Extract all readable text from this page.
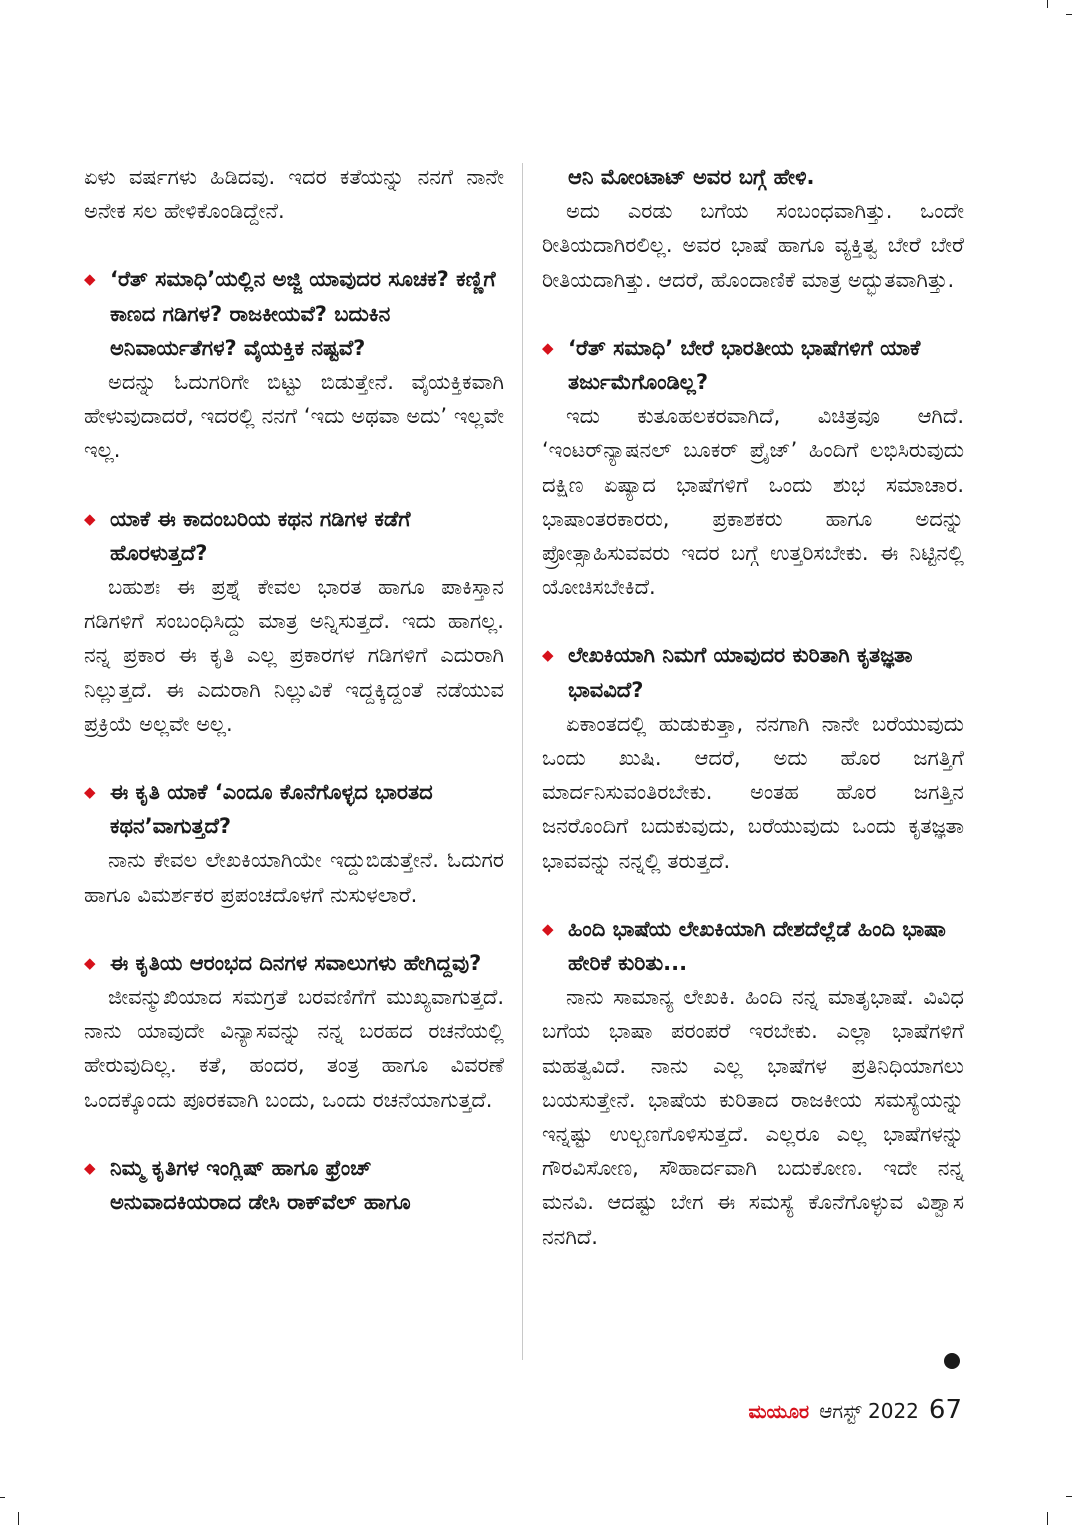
ಏಳು ವರ್ಷಗಳು ಹಿಡಿದವು. ಇದರ ಕತೆಯನ್ನು ನನಗೆ ನಾನೇ ಅನೇಕ ಸಲ ಹೇಳಿಕೊಂಡಿದ್ದೇನೆ.

◆ ‘ರೆತ್ ಸಮಾಧಿ’ಯಲ್ಲಿನ ಅಜ್ಜಿ ಯಾವುದರ ಸೂಚಕ? ಕಣ್ಣಿಗೆ ಕಾಣದ ಗಡಿಗಳ? ರಾಜಕೀಯವೆ? ಬದುಕಿನ ಅನಿವಾರ್ಯತೆಗಳ? ವೈಯಕ್ತಿಕ ನಷ್ಟವೆ?

ಅದನ್ನು ಓದುಗರಿಗೇ ಬಿಟ್ಟು ಬಿಡುತ್ತೇನೆ. ವೈಯಕ್ತಿಕವಾಗಿ ಹೇಳುವುದಾದರೆ, ಇದರಲ್ಲಿ ನನಗೆ ‘ಇದು ಅಥವಾ ಅದು’ ಇಲ್ಲವೇ ಇಲ್ಲ.

◆ ಯಾಕೆ ಈ ಕಾದಂಬರಿಯ ಕಥನ ಗಡಿಗಳ ಕಡೆಗೆ ಹೊರಳುತ್ತದೆ?

ಬಹುಶಃ ಈ ಪ್ರಶ್ನೆ ಕೇವಲ ಭಾರತ ಹಾಗೂ ಪಾಕಿಸ್ತಾನ ಗಡಿಗಳಿಗೆ ಸಂಬಂಧಿಸಿದ್ದು ಮಾತ್ರ ಅನ್ನಿಸುತ್ತದೆ. ಇದು ಹಾಗಲ್ಲ. ನನ್ನ ಪ್ರಕಾರ ಈ ಕೃತಿ ಎಲ್ಲ ಪ್ರಕಾರಗಳ ಗಡಿಗಳಿಗೆ ಎದುರಾಗಿ ನಿಲ್ಲುತ್ತದೆ. ಈ ಎದುರಾಗಿ ನಿಲ್ಲುವಿಕೆ ಇದ್ದಕ್ಕಿದ್ದಂತೆ ನಡೆಯುವ ಪ್ರಕ್ರಿಯೆ ಅಲ್ಲವೇ ಅಲ್ಲ.

◆ ಈ ಕೃತಿ ಯಾಕೆ ‘ಎಂದೂ ಕೊನೆಗೊಳ್ಳದ ಭಾರತದ ಕಥನ’ವಾಗುತ್ತದೆ?

ನಾನು ಕೇವಲ ಲೇಖಕಿಯಾಗಿಯೇ ಇದ್ದುಬಿಡುತ್ತೇನೆ. ಓದುಗರ ಹಾಗೂ ವಿಮರ್ಶಕರ ಪ್ರಪಂಚದೊಳಗೆ ನುಸುಳಲಾರೆ.

◆ ಈ ಕೃತಿಯ ಆರಂಭದ ದಿನಗಳ ಸವಾಲುಗಳು ಹೇಗಿದ್ದವು?

ಜೀವನ್ಮುಖಿಯಾದ ಸಮಗ್ರತೆ ಬರವಣಿಗೆಗೆ ಮುಖ್ಯವಾಗುತ್ತದೆ. ನಾನು ಯಾವುದೇ ವಿನ್ಯಾಸವನ್ನು ನನ್ನ ಬರಹದ ರಚನೆಯಲ್ಲಿ ಹೇರುವುದಿಲ್ಲ. ಕತೆ, ಹಂದರ, ತಂತ್ರ ಹಾಗೂ ವಿವರಣೆ ಒಂದಕ್ಕೊಂದು ಪೂರಕವಾಗಿ ಬಂದು, ಒಂದು ರಚನೆಯಾಗುತ್ತದೆ.

◆ ನಿಮ್ಮ ಕೃತಿಗಳ ಇಂಗ್ಲಿಷ್ ಹಾಗೂ ಫ್ರೆಂಚ್ ಅನುವಾದಕಿಯರಾದ ಡೇಸಿ ರಾಕ್‌ವೆಲ್ ಹಾಗೂ

ಆನಿ ಮೋಂಟಾಟ್ ಅವರ ಬಗ್ಗೆ ಹೇಳಿ.

ಅದು ಎರಡು ಬಗೆಯ ಸಂಬಂಧವಾಗಿತ್ತು. ಒಂದೇ ರೀತಿಯದಾಗಿರಲಿಲ್ಲ. ಅವರ ಭಾಷೆ ಹಾಗೂ ವ್ಯಕ್ತಿತ್ವ ಬೇರೆ ಬೇರೆ ರೀತಿಯದಾಗಿತ್ತು. ಆದರೆ, ಹೊಂದಾಣಿಕೆ ಮಾತ್ರ ಅದ್ಭುತವಾಗಿತ್ತು.

◆ ‘ರೆತ್ ಸಮಾಧಿ’ ಬೇರೆ ಭಾರತೀಯ ಭಾಷೆಗಳಿಗೆ ಯಾಕೆ ತರ್ಜುಮೆಗೊಂಡಿಲ್ಲ?

ಇದು ಕುತೂಹಲಕರವಾಗಿದೆ, ವಿಚಿತ್ರವೂ ಆಗಿದೆ. ‘ಇಂಟರ್‌ನ್ಯಾಷನಲ್ ಬೂಕರ್ ಪ್ರೈಜ್’ ಹಿಂದಿಗೆ ಲಭಿಸಿರುವುದು ದಕ್ಷಿಣ ಏಷ್ಯಾದ ಭಾಷೆಗಳಿಗೆ ಒಂದು ಶುಭ ಸಮಾಚಾರ. ಭಾಷಾಂತರಕಾರರು, ಪ್ರಕಾಶಕರು ಹಾಗೂ ಅದನ್ನು ಪ್ರೋತ್ಸಾಹಿಸುವವರು ಇದರ ಬಗ್ಗೆ ಉತ್ತರಿಸಬೇಕು. ಈ ನಿಟ್ಟಿನಲ್ಲಿ ಯೋಚಿಸಬೇಕಿದೆ.

◆ ಲೇಖಕಿಯಾಗಿ ನಿಮಗೆ ಯಾವುದರ ಕುರಿತಾಗಿ ಕೃತಜ್ಞತಾ ಭಾವವಿದೆ?

ಏಕಾಂತದಲ್ಲಿ ಹುಡುಕುತ್ತಾ, ನನಗಾಗಿ ನಾನೇ ಬರೆಯುವುದು ಒಂದು ಖುಷಿ. ಆದರೆ, ಅದು ಹೊರ ಜಗತ್ತಿಗೆ ಮಾರ್ದನಿಸುವಂತಿರಬೇಕು. ಅಂತಹ ಹೊರ ಜಗತ್ತಿನ ಜನರೊಂದಿಗೆ ಬದುಕುವುದು, ಬರೆಯುವುದು ಒಂದು ಕೃತಜ್ಞತಾ ಭಾವವನ್ನು ನನ್ನಲ್ಲಿ ತರುತ್ತದೆ.

◆ ಹಿಂದಿ ಭಾಷೆಯ ಲೇಖಕಿಯಾಗಿ ದೇಶದೆಲ್ಲೆಡೆ ಹಿಂದಿ ಭಾಷಾ ಹೇರಿಕೆ ಕುರಿತು...

ನಾನು ಸಾಮಾನ್ಯ ಲೇಖಕಿ. ಹಿಂದಿ ನನ್ನ ಮಾತೃಭಾಷೆ. ವಿವಿಧ ಬಗೆಯ ಭಾಷಾ ಪರಂಪರೆ ಇರಬೇಕು. ಎಲ್ಲಾ ಭಾಷೆಗಳಿಗೆ ಮಹತ್ವವಿದೆ. ನಾನು ಎಲ್ಲ ಭಾಷೆಗಳ ಪ್ರತಿನಿಧಿಯಾಗಲು ಬಯಸುತ್ತೇನೆ. ಭಾಷೆಯ ಕುರಿತಾದ ರಾಜಕೀಯ ಸಮಸ್ಯೆಯನ್ನು ಇನ್ನಷ್ಟು ಉಲ್ಬಣಗೊಳಿಸುತ್ತದೆ. ಎಲ್ಲರೂ ಎಲ್ಲ ಭಾಷೆಗಳನ್ನು ಗೌರವಿಸೋಣ, ಸೌಹಾರ್ದವಾಗಿ ಬದುಕೋಣ. ಇದೇ ನನ್ನ ಮನವಿ. ಆದಷ್ಟು ಬೇಗ ಈ ಸಮಸ್ಯೆ ಕೊನೆಗೊಳ್ಳುವ ವಿಶ್ವಾಸ ನನಗಿದೆ.

ಮಯೂರ ಆಗಸ್ಟ್ 2022 67
